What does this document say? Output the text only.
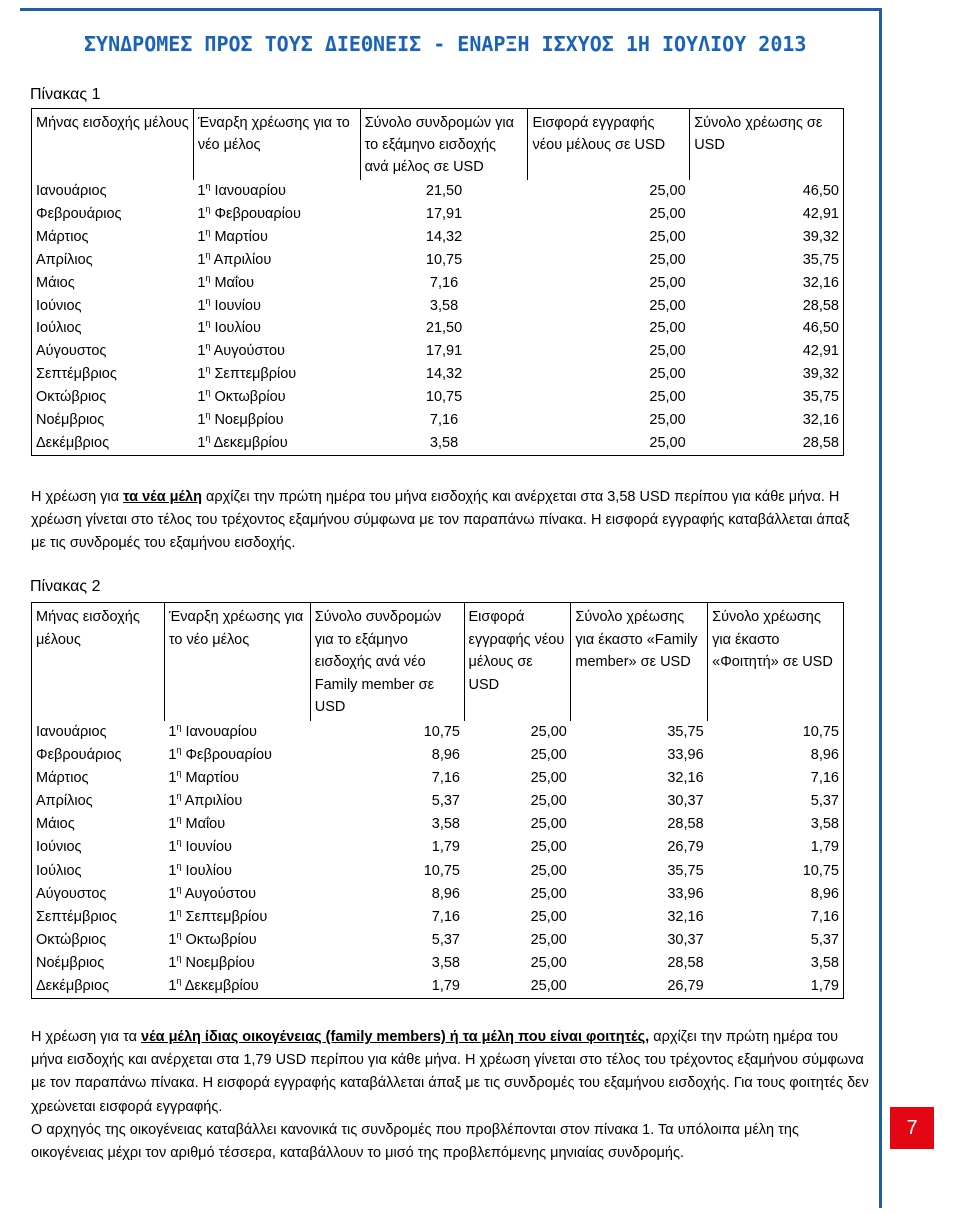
ΣΥΝΔΡΟΜΕΣ ΠΡΟΣ ΤΟΥΣ ΔΙΕΘΝΕΙΣ - ΕΝΑΡΞΗ ΙΣΧΥΟΣ 1Η ΙΟΥΛΙΟΥ 2013
Πίνακας 1
Μήνας εισδοχής μέλους	Έναρξη χρέωσης για το νέο μέλος	Σύνολο συνδρομών για το εξάμηνο εισδοχής ανά μέλος σε USD	Εισφορά εγγραφής νέου μέλους σε USD	Σύνολο χρέωσης σε USD
Ιανουάριος	$1^\eta$ Ιανουαρίου	21,50	25,00	46,50
Φεβρουάριος	$1^\eta$ Φεβρουαρίου	17,91	25,00	42,91
Μάρτιος	$1^\eta$ Μαρτίου	14,32	25,00	39,32
Απρίλιος	$1^\eta$ Απριλίου	10,75	25,00	35,75
Μάιος	$1^\eta$ Μαΐου	7,16	25,00	32,16
Ιούνιος	$1^\eta$ Ιουνίου	3,58	25,00	28,58
Ιούλιος	$1^\eta$ Ιουλίου	21,50	25,00	46,50
Αύγουστος	$1^\eta$ Αυγούστου	17,91	25,00	42,91
Σεπτέμβριος	$1^\eta$ Σεπτεμβρίου	14,32	25,00	39,32
Οκτώβριος	$1^\eta$ Οκτωβρίου	10,75	25,00	35,75
Νοέμβριος	$1^\eta$ Νοεμβρίου	7,16	25,00	32,16
Δεκέμβριος	$1^\eta$ Δεκεμβρίου	3,58	25,00	28,58
Η χρέωση για τα νέα μέλη αρχίζει την πρώτη ημέρα του μήνα εισδοχής και ανέρχεται στα 3,58 USD περίπου για κάθε μήνα. Η χρέωση γίνεται στο τέλος του τρέχοντος εξαμήνου σύμφωνα με τον παραπάνω πίνακα. Η εισφορά εγγραφής καταβάλλεται άπαξ με τις συνδρομές του εξαμήνου εισδοχής.
Πίνακας 2
Μήνας εισδοχής μέλους	Έναρξη χρέωσης για το νέο μέλος	Σύνολο συνδρομών για το εξάμηνο εισδοχής ανά νέο Family member σε USD	Εισφορά εγγραφής νέου μέλους σε USD	Σύνολο χρέωσης για έκαστο «Family member» σε USD	Σύνολο χρέωσης για έκαστο «Φοιτητή» σε USD
Ιανουάριος	$1^\eta$ Ιανουαρίου	10,75	25,00	35,75	10,75
Φεβρουάριος	$1^\eta$ Φεβρουαρίου	8,96	25,00	33,96	8,96
Μάρτιος	$1^\eta$ Μαρτίου	7,16	25,00	32,16	7,16
Απρίλιος	$1^\eta$ Απριλίου	5,37	25,00	30,37	5,37
Μάιος	$1^\eta$ Μαΐου	3,58	25,00	28,58	3,58
Ιούνιος	$1^\eta$ Ιουνίου	1,79	25,00	26,79	1,79
Ιούλιος	$1^\eta$ Ιουλίου	10,75	25,00	35,75	10,75
Αύγουστος	$1^\eta$ Αυγούστου	8,96	25,00	33,96	8,96
Σεπτέμβριος	$1^\eta$ Σεπτεμβρίου	7,16	25,00	32,16	7,16
Οκτώβριος	$1^\eta$ Οκτωβρίου	5,37	25,00	30,37	5,37
Νοέμβριος	$1^\eta$ Νοεμβρίου	3,58	25,00	28,58	3,58
Δεκέμβριος	$1^\eta$ Δεκεμβρίου	1,79	25,00	26,79	1,79
Η χρέωση για τα νέα μέλη ίδιας οικογένειας (family members) ή τα μέλη που είναι φοιτητές, αρχίζει την πρώτη ημέρα του μήνα εισδοχής και ανέρχεται στα 1,79 USD περίπου για κάθε μήνα. Η χρέωση γίνεται στο τέλος του τρέχοντος εξαμήνου σύμφωνα με τον παραπάνω πίνακα. Η εισφορά εγγραφής καταβάλλεται άπαξ με τις συνδρομές του εξαμήνου εισδοχής. Για τους φοιτητές δεν χρεώνεται εισφορά εγγραφής.
Ο αρχηγός της οικογένειας καταβάλλει κανονικά τις συνδρομές που προβλέπονται στον πίνακα 1. Τα υπόλοιπα μέλη της οικογένειας μέχρι τον αριθμό τέσσερα, καταβάλλουν το μισό της προβλεπόμενης μηνιαίας συνδρομής.
7
